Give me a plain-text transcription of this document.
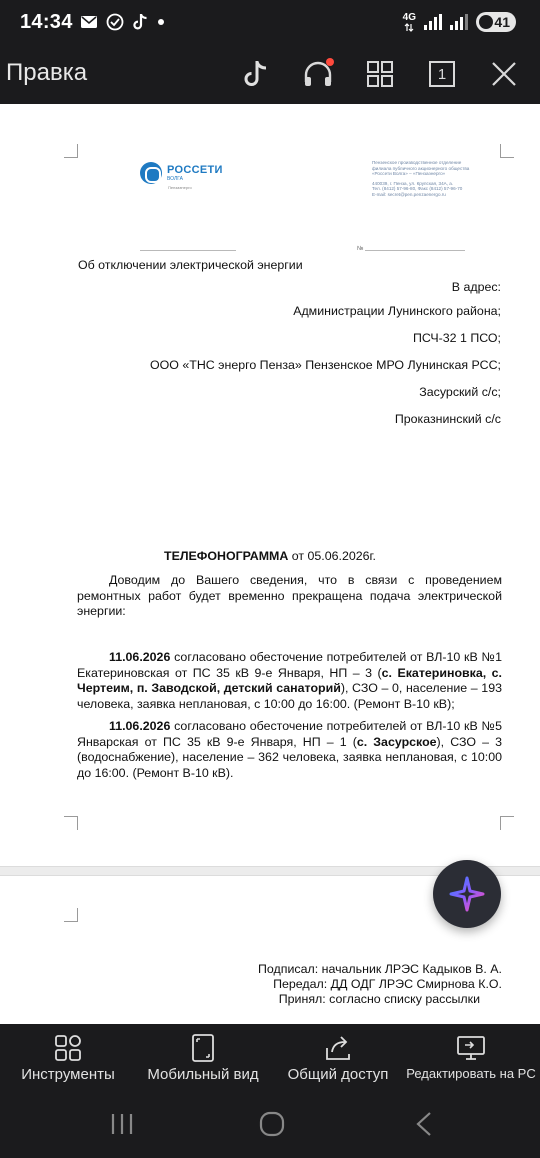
14:34	4G	41
Правка	1
РОССЕТИ
ВОЛГА
Пензаэнерго
Пензенское производственное отделение
филиала публичного акционерного общества
«Россети Волга» – «Пензаэнерго»
440039, г. Пенза, ул. Крупская, 34А, а.
Тел. (8412) 57-96-80, Факс (8412) 57-96-70
E-mail: secret@pen.penzaenergo.ru
№
Об отключении электрической энергии
В адрес:
Администрации Лунинского района;
ПСЧ-32 1 ПСО;
ООО «ТНС энерго Пенза» Пензенское МРО Лунинская РСС;
Засурский с/с;
Проказнинский с/с
ТЕЛЕФОНОГРАММА от 05.06.2026г.

Доводим до Вашего сведения, что в связи с проведением ремонтных работ будет временно прекращена подача электрической энергии:

11.06.2026 согласовано обесточение потребителей от ВЛ-10 кВ №1 Екатериновская от ПС 35 кВ 9-е Января, НП – 3 (с. Екатериновка, с. Чертеим, п. Заводской, детский санаторий), СЗО – 0, население – 193 человека, заявка неплановая, с 10:00 до 16:00. (Ремонт В-10 кВ);

11.06.2026 согласовано обесточение потребителей от ВЛ-10 кВ №5 Январская от ПС 35 кВ 9-е Января, НП – 1 (с. Засурское), СЗО – 3 (водоснабжение), население – 362 человека, заявка неплановая, с 10:00 до 16:00. (Ремонт В-10 кВ).

Подписал: начальник ЛРЭС Кадыков В. А.
Передал: ДД ОДГ ЛРЭС Смирнова К.О.
Принял: согласно списку рассылки
Инструменты Мобильный вид Общий доступ Редактировать на PC
